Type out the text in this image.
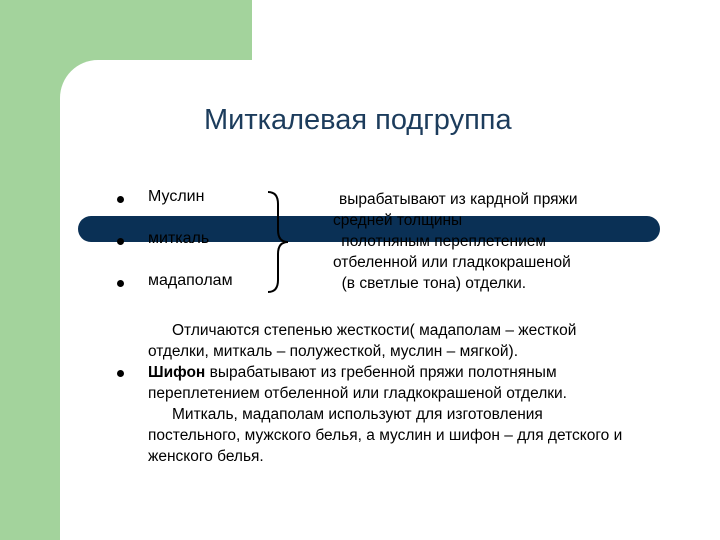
Миткалевая подгруппа
Муслин
миткаль
мадаполам
вырабатывают из кардной пряжи
средней толщины
полотняным переплетением
отбеленной или гладкокрашеной
(в светлые тона) отделки.
Отличаются степенью жесткости( мадаполам – жесткой
отделки, миткаль – полужесткой, муслин – мягкой).
Шифон вырабатывают из гребенной пряжи полотняным
переплетением отбеленной или гладкокрашеной отделки.
Миткаль, мадаполам используют для изготовления
постельного, мужского белья, а муслин и шифон – для детского и
женского белья.
